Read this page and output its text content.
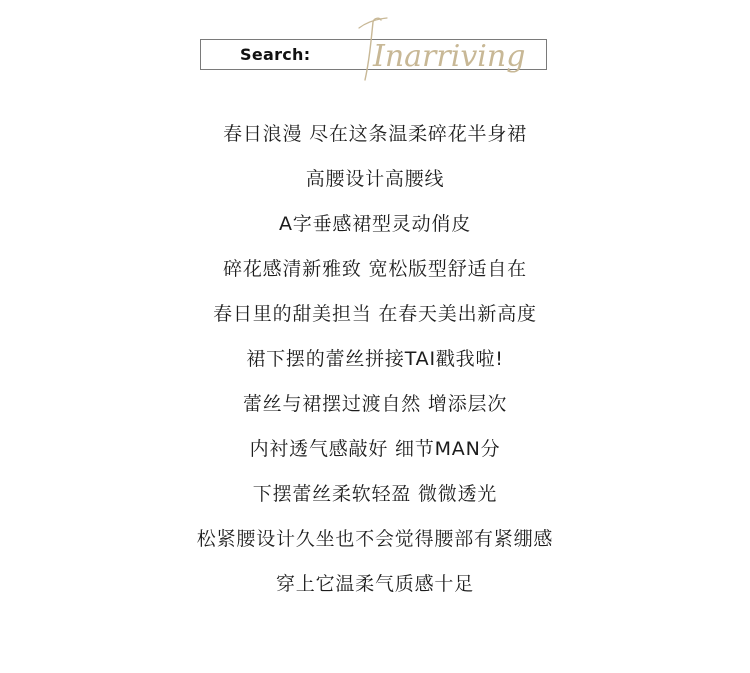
Search: Inarriving
春日浪漫 尽在这条温柔碎花半身裙
高腰设计高腰线
A字垂感裙型灵动俏皮
碎花感清新雅致 宽松版型舒适自在
春日里的甜美担当 在春天美出新高度
裙下摆的蕾丝拼接TAI戳我啦!
蕾丝与裙摆过渡自然 增添层次
内衬透气感敲好 细节MAN分
下摆蕾丝柔软轻盈 微微透光
松紧腰设计久坐也不会觉得腰部有紧绷感
穿上它温柔气质感十足
